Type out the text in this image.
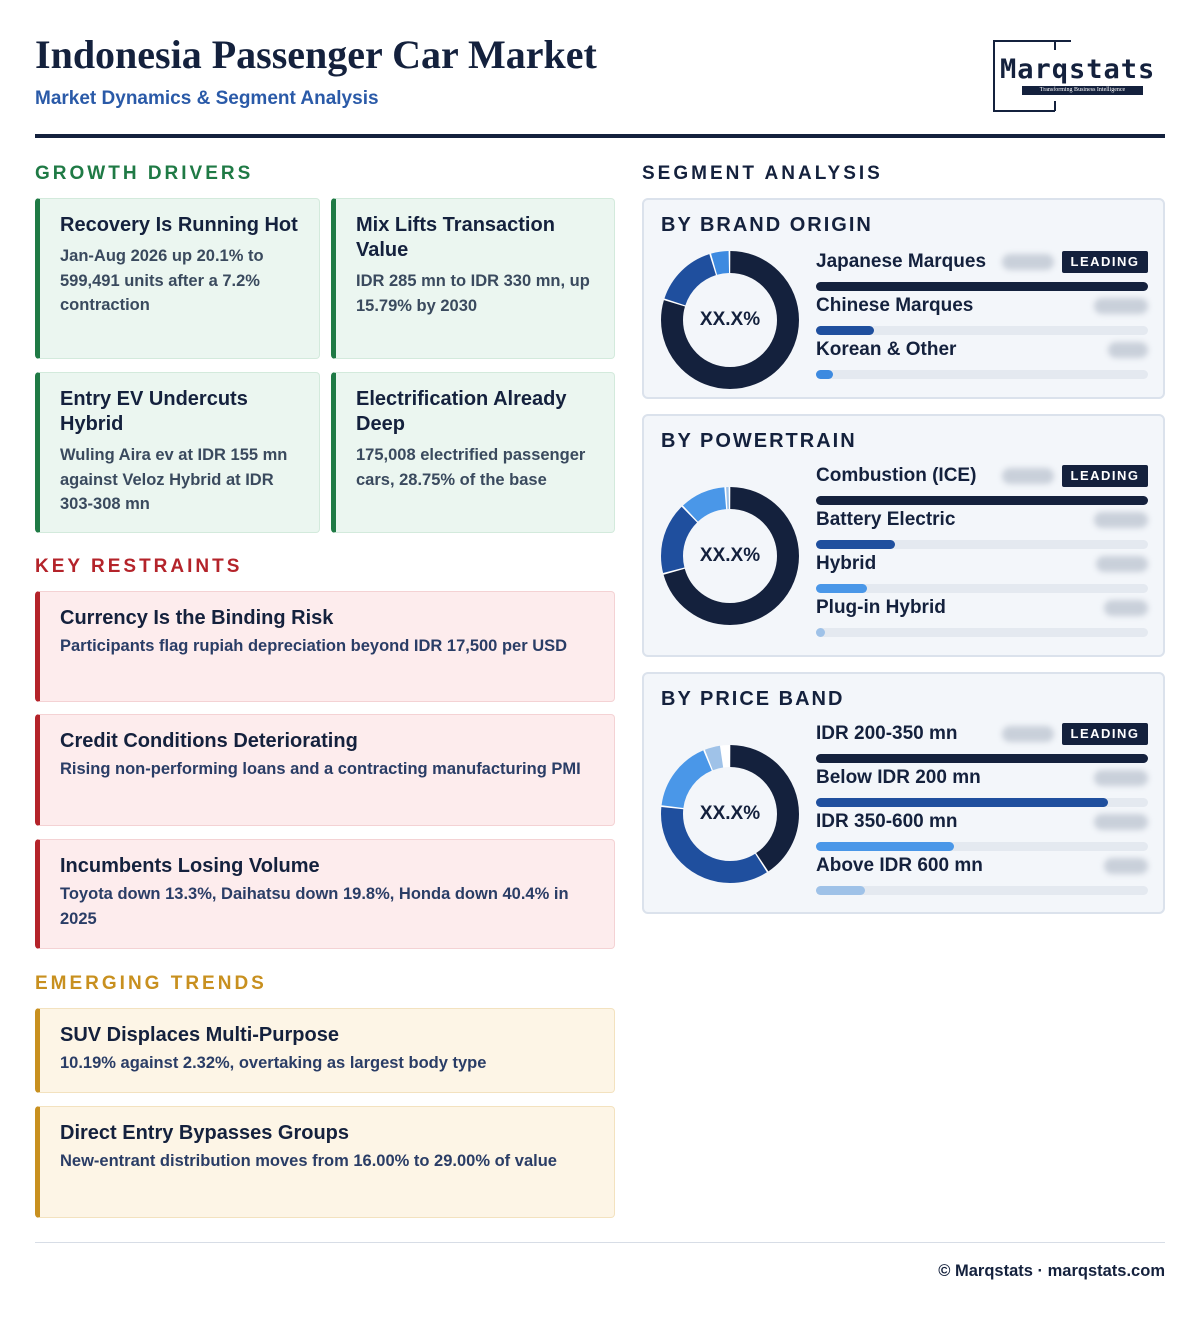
Indonesia Passenger Car Market
Market Dynamics & Segment Analysis
Marqstats
Transforming Business Intelligence
GROWTH DRIVERS
Recovery Is Running Hot
Jan-Aug 2026 up 20.1% to 599,491 units after a 7.2% contraction
Mix Lifts Transaction Value
IDR 285 mn to IDR 330 mn, up 15.79% by 2030
Entry EV Undercuts Hybrid
Wuling Aira ev at IDR 155 mn against Veloz Hybrid at IDR 303-308 mn
Electrification Already Deep
175,008 electrified passenger cars, 28.75% of the base
KEY RESTRAINTS
Currency Is the Binding Risk
Participants flag rupiah depreciation beyond IDR 17,500 per USD
Credit Conditions Deteriorating
Rising non-performing loans and a contracting manufacturing PMI
Incumbents Losing Volume
Toyota down 13.3%, Daihatsu down 19.8%, Honda down 40.4% in 2025
EMERGING TRENDS
SUV Displaces Multi-Purpose
10.19% against 2.32%, overtaking as largest body type
Direct Entry Bypasses Groups
New-entrant distribution moves from 16.00% to 29.00% of value
SEGMENT ANALYSIS
BY BRAND ORIGIN
XX.X%
Japanese Marques	LEADING
Chinese Marques
Korean & Other
BY POWERTRAIN
XX.X%
Combustion (ICE)	LEADING
Battery Electric
Hybrid
Plug-in Hybrid
BY PRICE BAND
XX.X%
IDR 200-350 mn	LEADING
Below IDR 200 mn
IDR 350-600 mn
Above IDR 600 mn
© Marqstats · marqstats.com
